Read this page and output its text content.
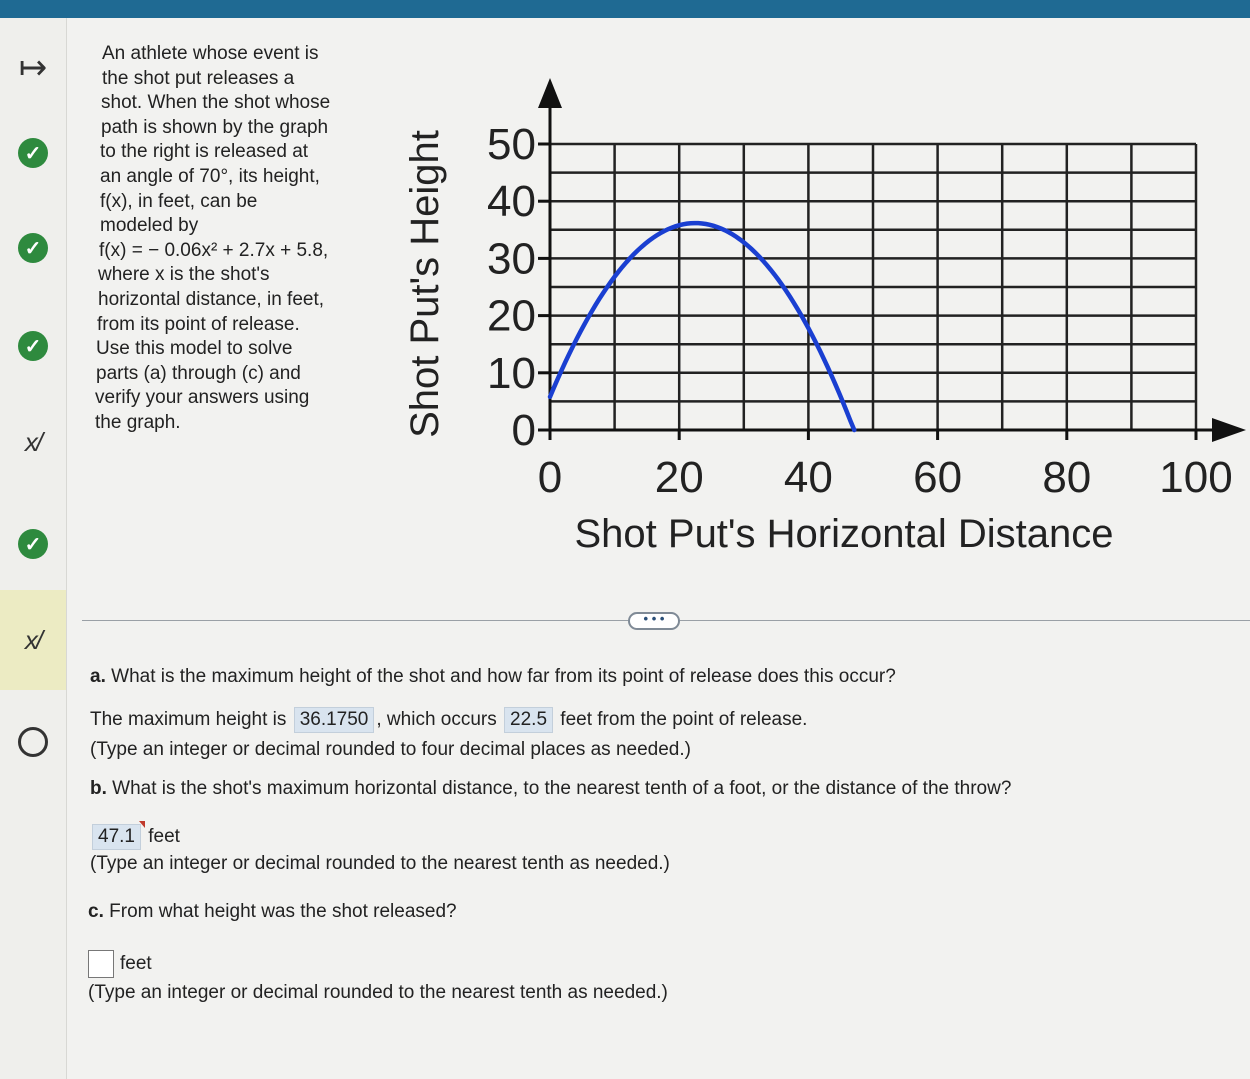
↦
✓
✓
✓
x/
✓
x/

An athlete whose event is

the shot put releases a

shot. When the shot whose

path is shown by the graph

to the right is released at

an angle of 70°, its height,

f(x), in feet, can be

modeled by

f(x) = − 0.06x² + 2.7x + 5.8,

where x is the shot's

horizontal distance, in feet,

from its point of release.

Use this model to solve

parts (a) through (c) and

verify your answers using

the graph.	0
10
20
30
40
50
0 20 40 60 80 100
Shot Put's Horizontal Distance
Shot Put's Height
• • •
a. What is the maximum height of the shot and how far from its point of release does this occur?
The maximum height is 36.1750 , which occurs 22.5 feet from the point of release.
(Type an integer or decimal rounded to four decimal places as needed.)
b. What is the shot's maximum horizontal distance, to the nearest tenth of a foot, or the distance of the throw?
47.1 feet
(Type an integer or decimal rounded to the nearest tenth as needed.)
c. From what height was the shot released?
feet
(Type an integer or decimal rounded to the nearest tenth as needed.)
